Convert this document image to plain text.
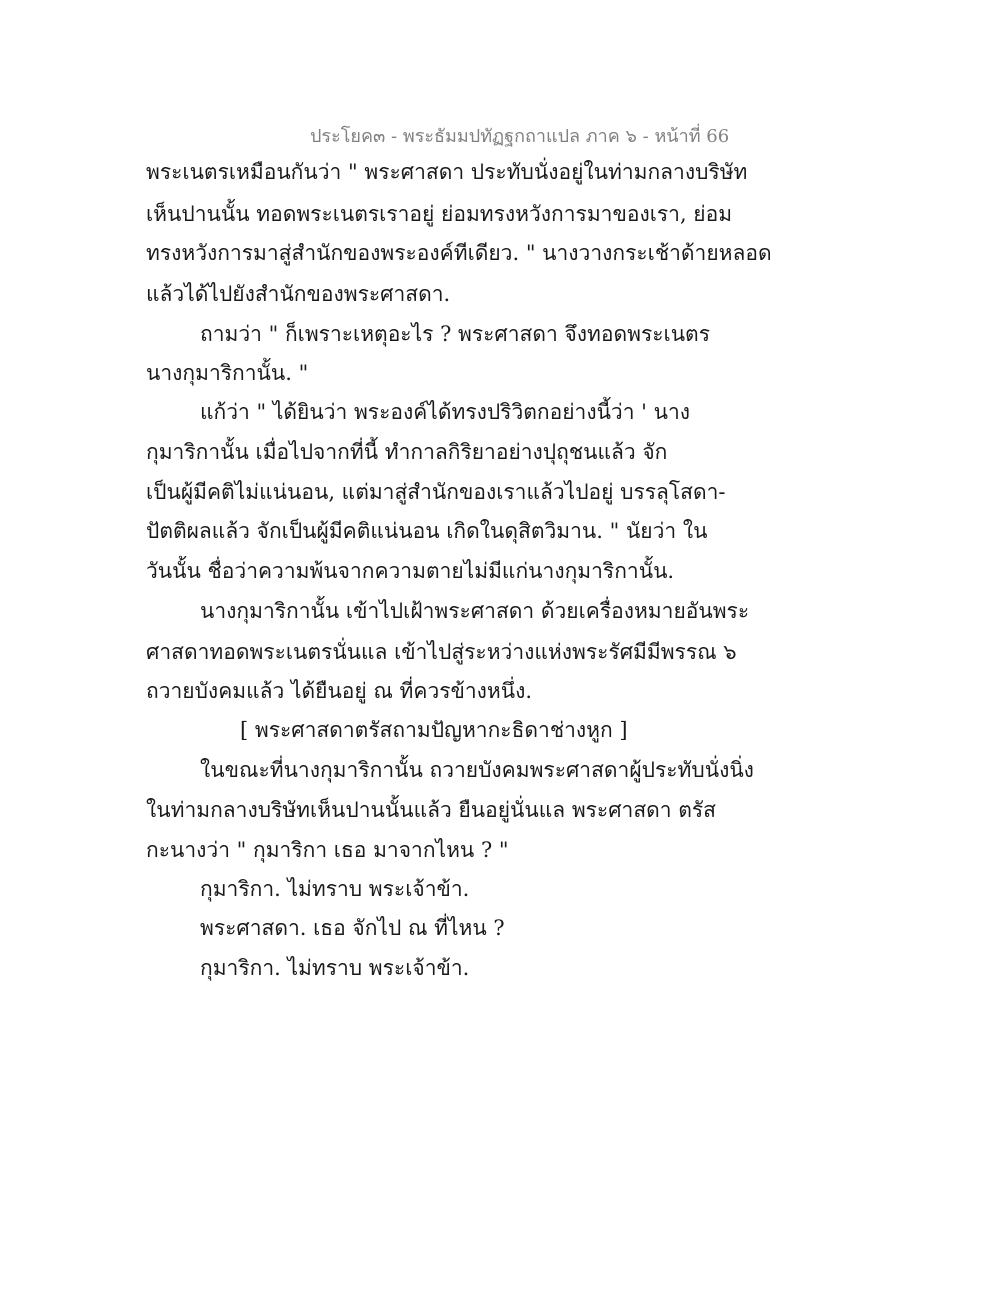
ประโยค๓ - พระธัมมปทัฏฐกถาแปล ภาค ๖ - หน้าที่ 66
พระเนตรเหมือนกันว่า " พระศาสดา ประทับนั่งอยู่ในท่ามกลางบริษัท
เห็นปานนั้น ทอดพระเนตรเราอยู่ ย่อมทรงหวังการมาของเรา, ย่อม
ทรงหวังการมาสู่สำนักของพระองค์ทีเดียว. " นางวางกระเช้าด้ายหลอด
แล้วได้ไปยังสำนักของพระศาสดา.
ถามว่า " ก็เพราะเหตุอะไร ? พระศาสดา จึงทอดพระเนตร
นางกุมาริกานั้น. "
แก้ว่า " ได้ยินว่า พระองค์ได้ทรงปริวิตกอย่างนี้ว่า ' นาง
กุมาริกานั้น เมื่อไปจากที่นี้ ทำกาลกิริยาอย่างปุถุชนแล้ว จัก
เป็นผู้มีคติไม่แน่นอน, แต่มาสู่สำนักของเราแล้วไปอยู่ บรรลุโสดา-
ปัตติผลแล้ว จักเป็นผู้มีคติแน่นอน เกิดในดุสิตวิมาน. " นัยว่า ใน
วันนั้น ชื่อว่าความพ้นจากความตายไม่มีแก่นางกุมาริกานั้น.
นางกุมาริกานั้น เข้าไปเฝ้าพระศาสดา ด้วยเครื่องหมายอันพระ
ศาสดาทอดพระเนตรนั่นแล เข้าไปสู่ระหว่างแห่งพระรัศมีมีพรรณ ๖
ถวายบังคมแล้ว ได้ยืนอยู่ ณ ที่ควรข้างหนึ่ง.
[ พระศาสดาตรัสถามปัญหากะธิดาช่างหูก ]
ในขณะที่นางกุมาริกานั้น ถวายบังคมพระศาสดาผู้ประทับนั่งนิ่ง
ในท่ามกลางบริษัทเห็นปานนั้นแล้ว ยืนอยู่นั่นแล พระศาสดา ตรัส
กะนางว่า " กุมาริกา เธอ มาจากไหน ? "
กุมาริกา. ไม่ทราบ พระเจ้าข้า.
พระศาสดา. เธอ จักไป ณ ที่ไหน ?
กุมาริกา. ไม่ทราบ พระเจ้าข้า.
